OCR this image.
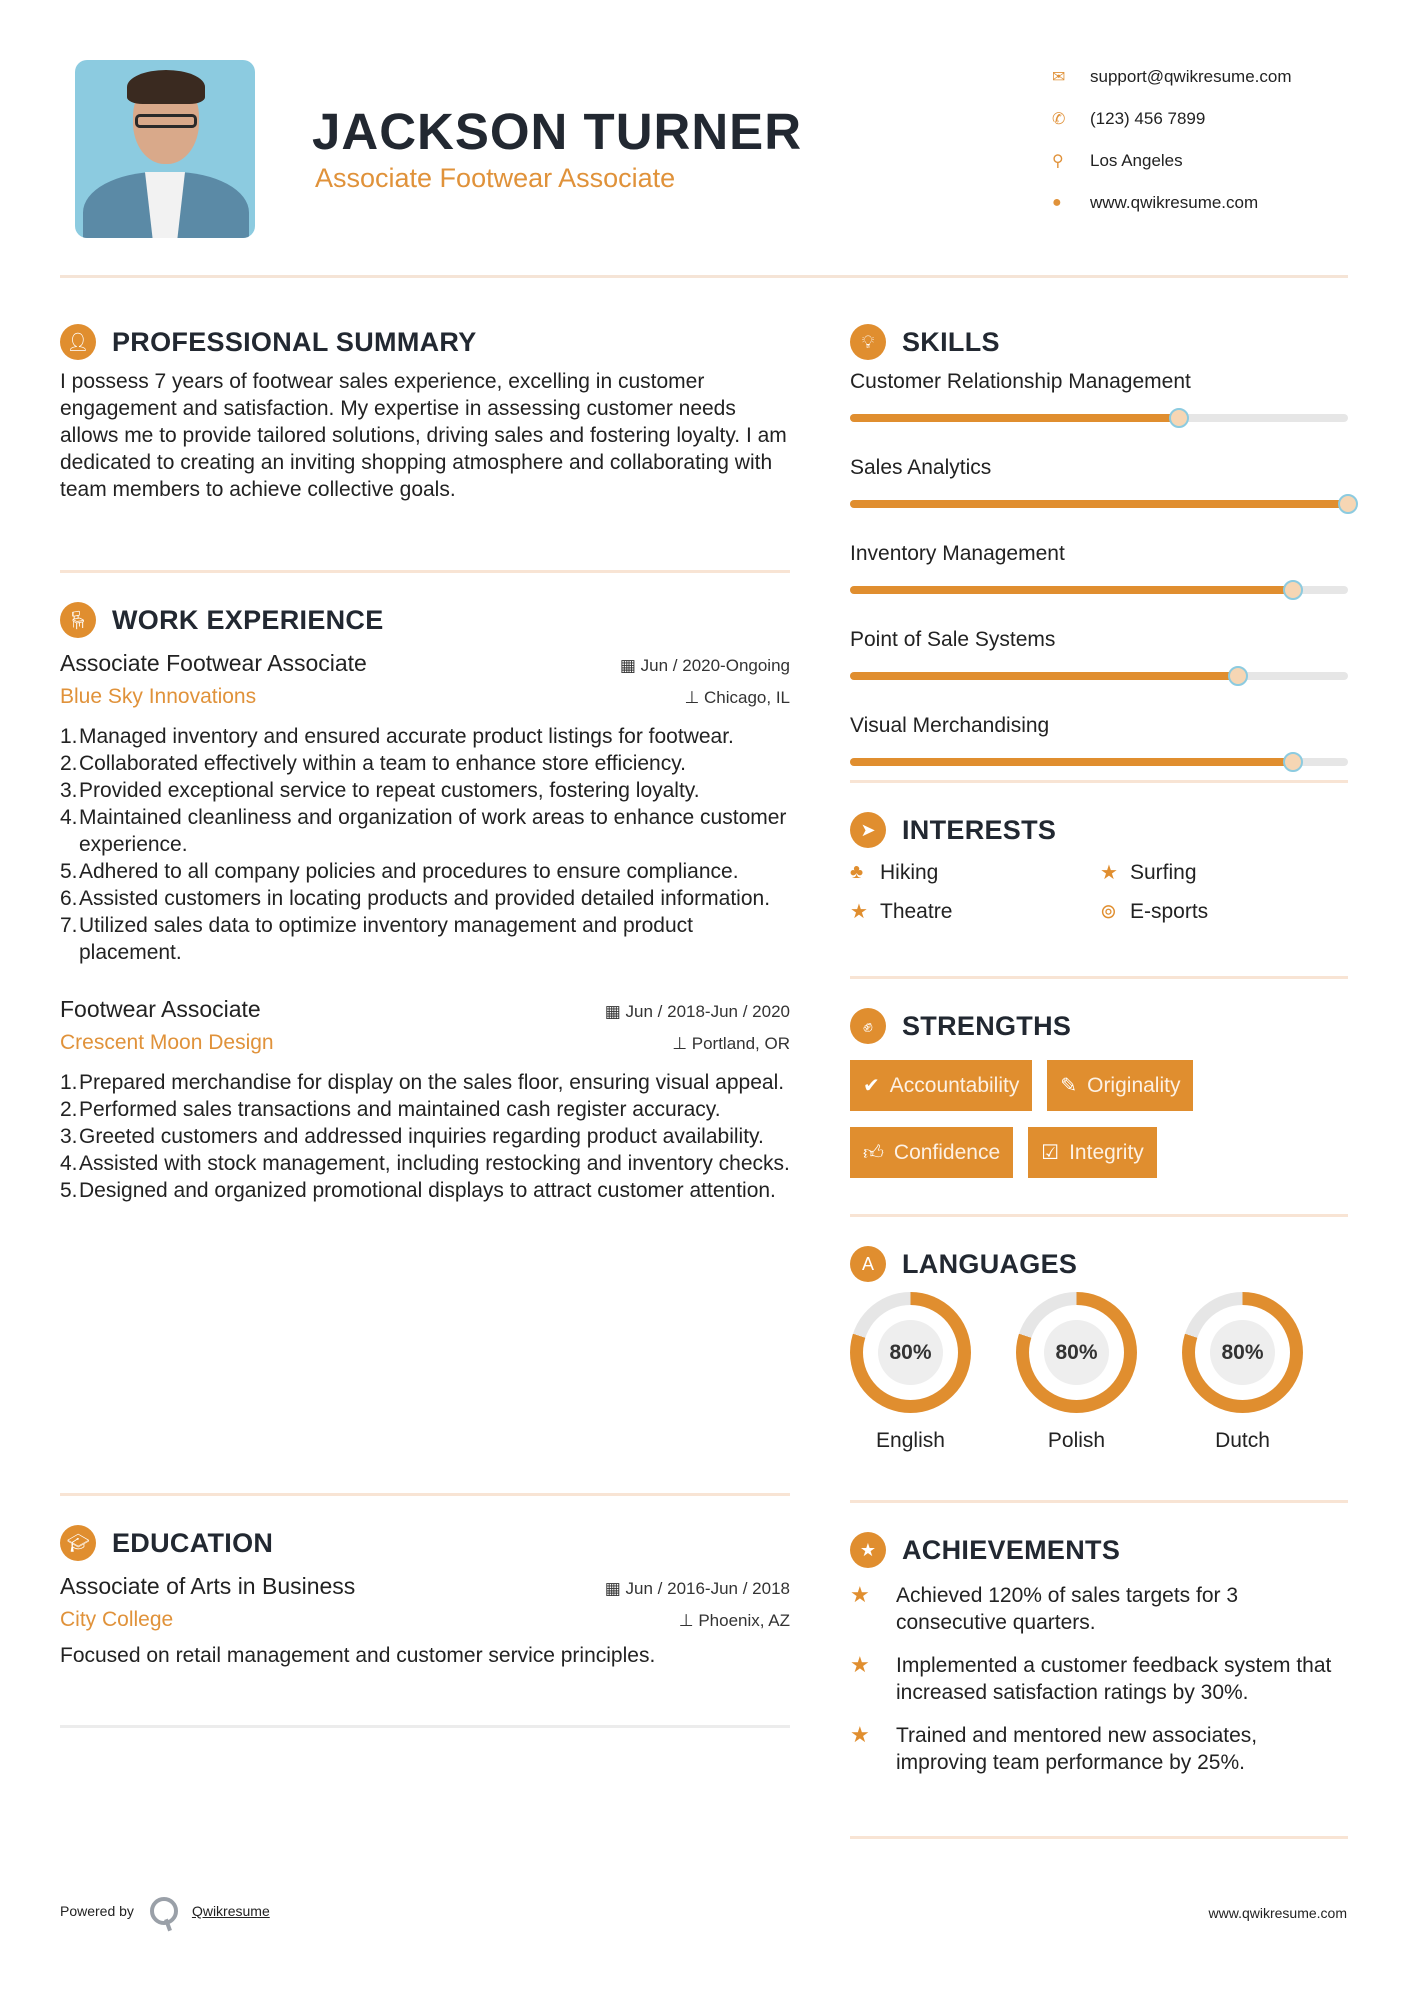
JACKSON TURNER
Associate Footwear Associate
✉	support@qwikresume.com
✆	(123) 456 7899
⚲	Los Angeles
●	www.qwikresume.com
👤︎ PROFESSIONAL SUMMARY
I possess 7 years of footwear sales experience, excelling in customer engagement and satisfaction. My expertise in assessing customer needs allows me to provide tailored solutions, driving sales and fostering loyalty. I am dedicated to creating an inviting shopping atmosphere and collaborating with team members to achieve collective goals.
🪑︎ WORK EXPERIENCE
Associate Footwear Associate	▦ Jun / 2020-Ongoing
Blue Sky Innovations	⊥ Chicago, IL
1. Managed inventory and ensured accurate product listings for footwear.
2. Collaborated effectively within a team to enhance store efficiency.
3. Provided exceptional service to repeat customers, fostering loyalty.
4. Maintained cleanliness and organization of work areas to enhance customer experience.
5. Adhered to all company policies and procedures to ensure compliance.
6. Assisted customers in locating products and provided detailed information.
7. Utilized sales data to optimize inventory management and product placement.
Footwear Associate	▦ Jun / 2018-Jun / 2020
Crescent Moon Design	⊥ Portland, OR
1. Prepared merchandise for display on the sales floor, ensuring visual appeal.
2. Performed sales transactions and maintained cash register accuracy.
3. Greeted customers and addressed inquiries regarding product availability.
4. Assisted with stock management, including restocking and inventory checks.
5. Designed and organized promotional displays to attract customer attention.
🎓︎ EDUCATION
Associate of Arts in Business	▦ Jun / 2016-Jun / 2018
City College	⊥ Phoenix, AZ
Focused on retail management and customer service principles.
💡︎	SKILLS
Customer Relationship Management
Sales Analytics
Inventory Management
Point of Sale Systems
Visual Merchandising
➤ INTERESTS
♣ Hiking	★ Surfing
★ Theatre	⊚ E-sports
✊︎	STRENGTHS
✔ Accountability ✎ Originality
👍︎ Confidence ☑ Integrity
A	LANGUAGES
80%
English
80%
Polish
80%
Dutch
★ ACHIEVEMENTS
★	Achieved 120% of sales targets for 3 consecutive quarters.
★	Implemented a customer feedback system that increased satisfaction ratings by 30%.
★	Trained and mentored new associates, improving team performance by 25%.
Powered by	Qwikresume	www.qwikresume.com
